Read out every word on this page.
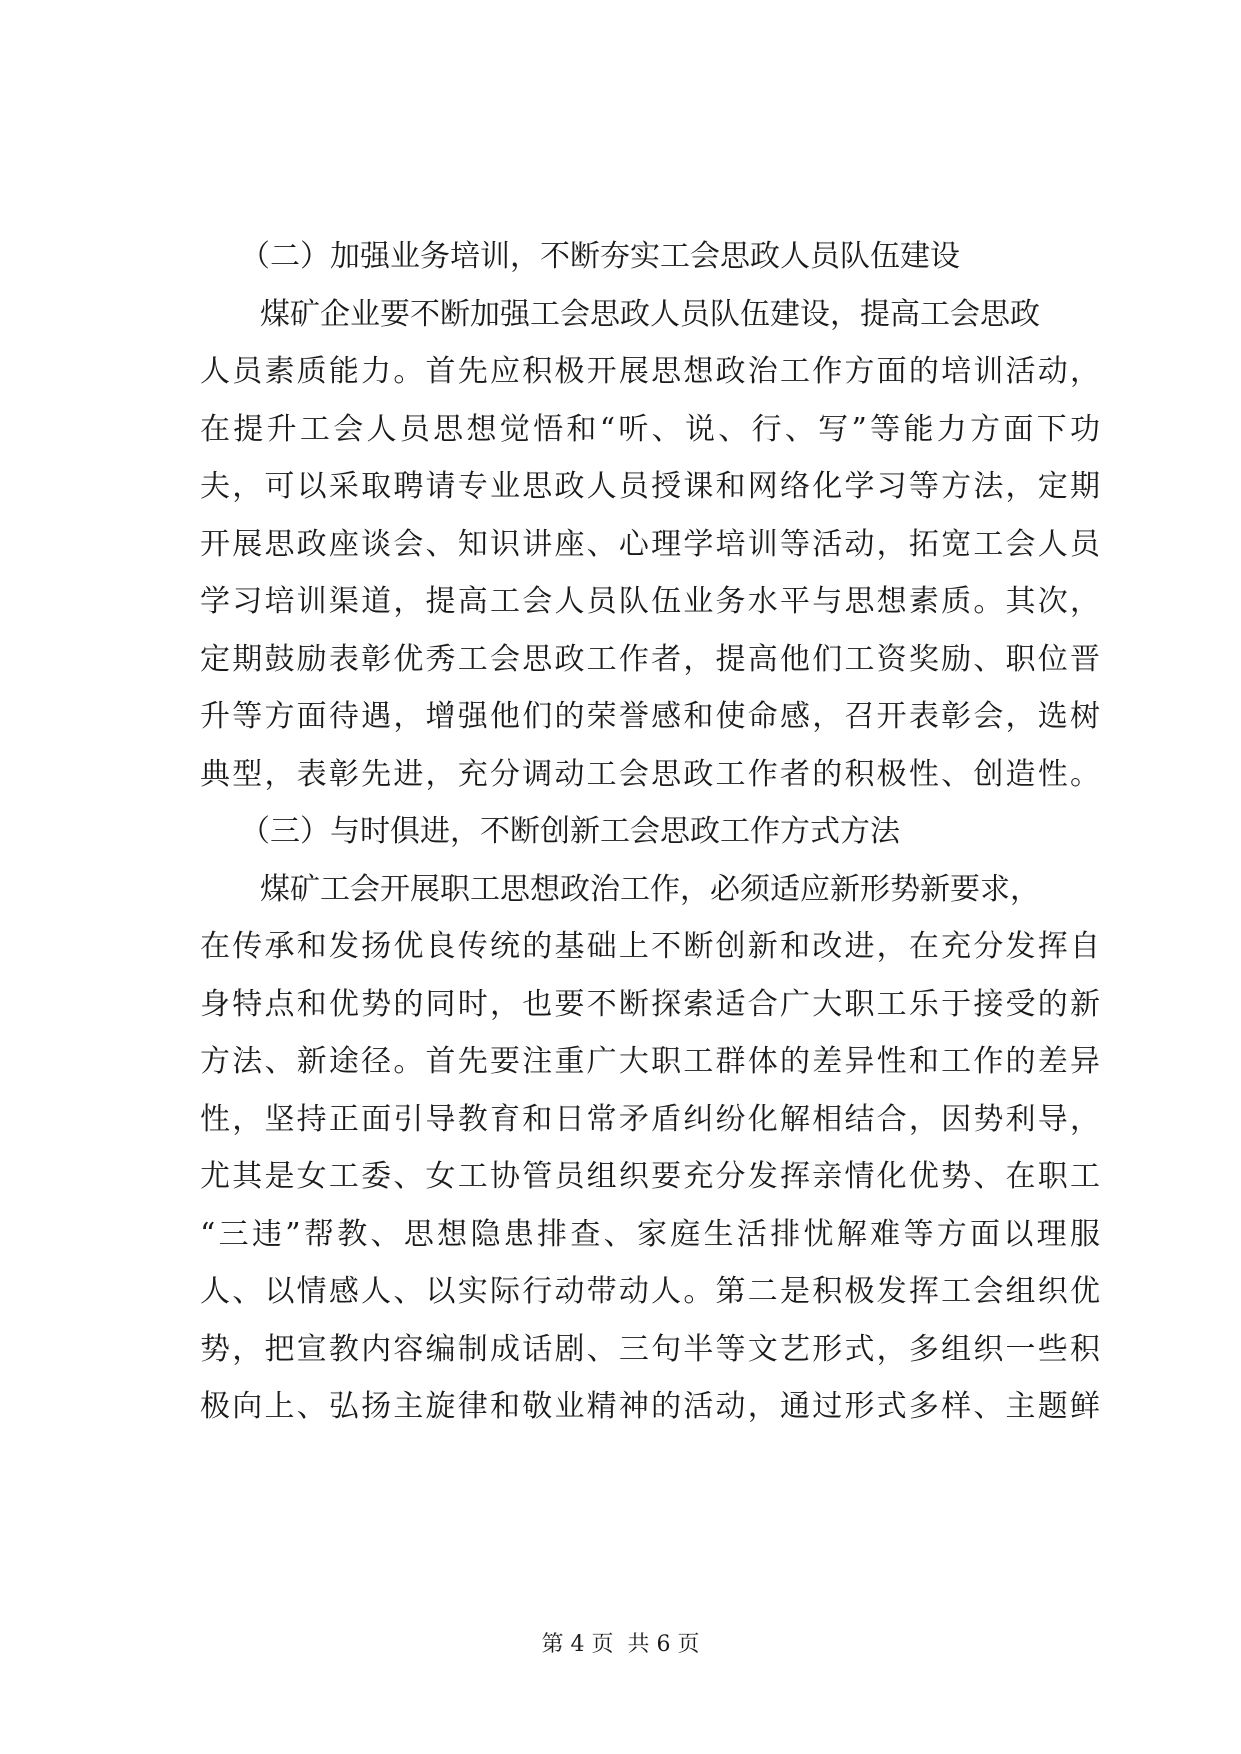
（二）加强业务培训，不断夯实工会思政人员队伍建设
煤矿企业要不断加强工会思政人员队伍建设，提高工会思政
人员素质能力。首先应积极开展思想政治工作方面的培训活动，
在提升工会人员思想觉悟和“听、说、行、写”等能力方面下功
夫，可以采取聘请专业思政人员授课和网络化学习等方法，定期
开展思政座谈会、知识讲座、心理学培训等活动，拓宽工会人员
学习培训渠道，提高工会人员队伍业务水平与思想素质。其次，
定期鼓励表彰优秀工会思政工作者，提高他们工资奖励、职位晋
升等方面待遇，增强他们的荣誉感和使命感，召开表彰会，选树
典型，表彰先进，充分调动工会思政工作者的积极性、创造性。
（三）与时俱进，不断创新工会思政工作方式方法
煤矿工会开展职工思想政治工作，必须适应新形势新要求，
在传承和发扬优良传统的基础上不断创新和改进，在充分发挥自
身特点和优势的同时，也要不断探索适合广大职工乐于接受的新
方法、新途径。首先要注重广大职工群体的差异性和工作的差异
性，坚持正面引导教育和日常矛盾纠纷化解相结合，因势利导，
尤其是女工委、女工协管员组织要充分发挥亲情化优势、在职工
“三违”帮教、思想隐患排查、家庭生活排忧解难等方面以理服
人、以情感人、以实际行动带动人。第二是积极发挥工会组织优
势，把宣教内容编制成话剧、三句半等文艺形式，多组织一些积
极向上、弘扬主旋律和敬业精神的活动，通过形式多样、主题鲜
第 4 页  共 6 页
